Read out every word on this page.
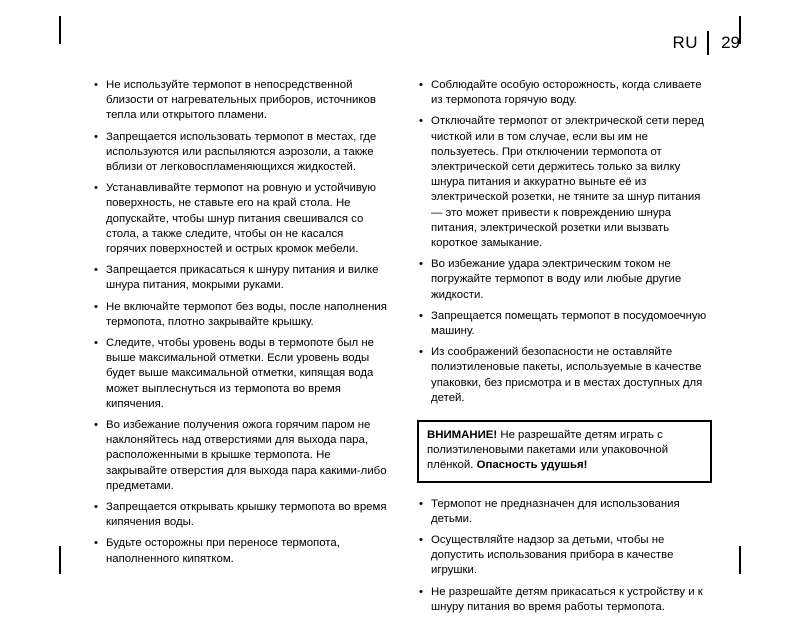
RU	29
• Не используйте термопот в непосредственной близости от нагревательных приборов, источников тепла или открытого пламени.
• Запрещается использовать термопот в местах, где используются или распыляются аэрозоли, а также вблизи от легковоспламеняющихся жидкостей.
• Устанавливайте термопот на ровную и устойчивую поверхность, не ставьте его на край стола. Не допускайте, чтобы шнур питания свешивался со стола, а также следите, чтобы он не касался горячих поверхностей и острых кромок мебели.
• Запрещается прикасаться к шнуру питания и вилке шнура питания, мокрыми руками.
• Не включайте термопот без воды, после наполнения термопота, плотно закрывайте крышку.
• Следите, чтобы уровень воды в термопоте был не выше максимальной отметки. Если уровень воды будет выше максимальной отметки, кипящая вода может выплеснуться из термопота во время кипячения.
• Во избежание получения ожога горячим паром не наклоняйтесь над отверстиями для выхода пара, расположенными в крышке термопота. Не закрывайте отверстия для выхода пара какими-либо предметами.
• Запрещается открывать крышку термопота во время кипячения воды.
• Будьте осторожны при переносе термопота, наполненного кипятком.
• Соблюдайте особую осторожность, когда сливаете из термопота горячую воду.
• Отключайте термопот от электрической сети перед чисткой или в том случае, если вы им не пользуетесь. При отключении термопота от электрической сети держитесь только за вилку шнура питания и аккуратно выньте её из электрической розетки, не тяните за шнур питания — это может привести к повреждению шнура питания, электрической розетки или вызвать короткое замыкание.
• Во избежание удара электрическим током не погружайте термопот в воду или любые другие жидкости.
• Запрещается помещать термопот в посудомоечную машину.
• Из соображений безопасности не оставляйте полиэтиленовые пакеты, используемые в качестве упаковки, без присмотра и в местах доступных для детей.

ВНИМАНИЕ! Не разрешайте детям играть с полиэтиленовыми пакетами или упаковочной плёнкой. Опасность удушья!

• Термопот не предназначен для использования детьми.
• Осуществляйте надзор за детьми, чтобы не допустить использования прибора в качестве игрушки.
• Не разрешайте детям прикасаться к устройству и к шнуру питания во время работы термопота.
